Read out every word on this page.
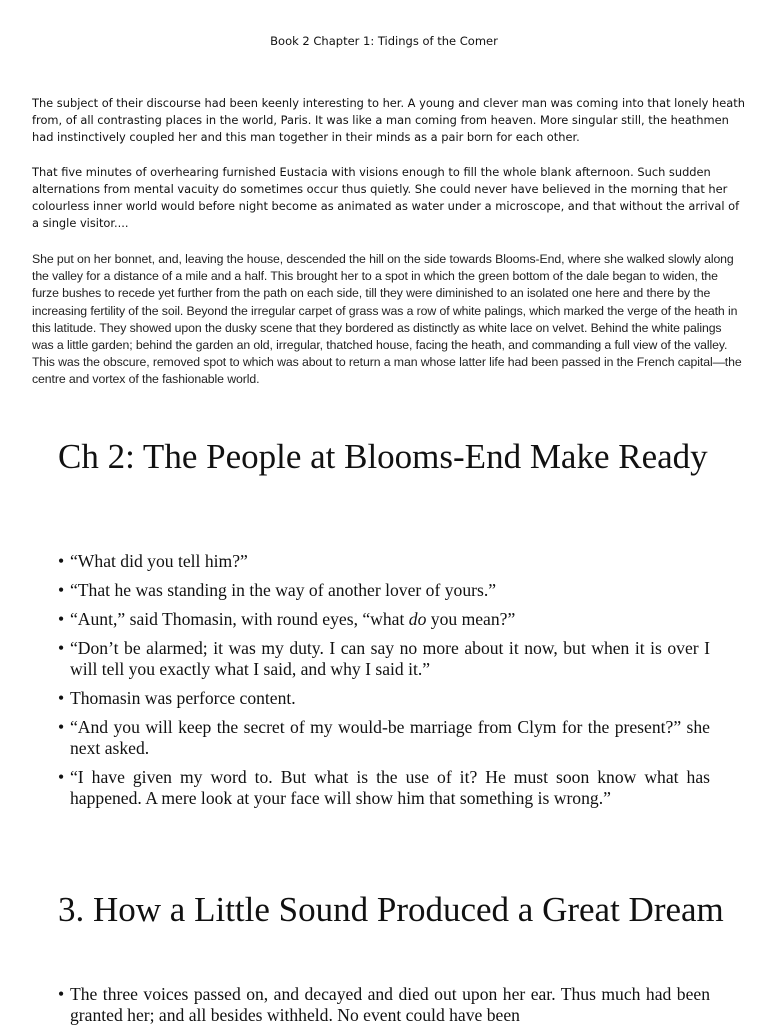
Book 2 Chapter 1: Tidings of the Comer

The subject of their discourse had been keenly interesting to her. A young and clever man was coming into that lonely heath from, of all contrasting places in the world, Paris. It was like a man coming from heaven. More singular still, the heathmen had instinctively coupled her and this man together in their minds as a pair born for each other.

That five minutes of overhearing furnished Eustacia with visions enough to fill the whole blank afternoon. Such sudden alternations from mental vacuity do sometimes occur thus quietly. She could never have believed in the morning that her colourless inner world would before night become as animated as water under a microscope, and that without the arrival of a single visitor....

She put on her bonnet, and, leaving the house, descended the hill on the side towards Blooms-End, where she walked slowly along the valley for a distance of a mile and a half. This brought her to a spot in which the green bottom of the dale began to widen, the furze bushes to recede yet further from the path on each side, till they were diminished to an isolated one here and there by the increasing fertility of the soil. Beyond the irregular carpet of grass was a row of white palings, which marked the verge of the heath in this latitude. They showed upon the dusky scene that they bordered as distinctly as white lace on velvet. Behind the white palings was a little garden; behind the garden an old, irregular, thatched house, facing the heath, and commanding a full view of the valley. This was the obscure, removed spot to which was about to return a man whose latter life had been passed in the French capital—the centre and vortex of the fashionable world.

Ch 2: The People at Blooms-End Make Ready
• “What did you tell him?”
• “That he was standing in the way of another lover of yours.”
• “Aunt,” said Thomasin, with round eyes, “what do you mean?”
• “Don’t be alarmed; it was my duty. I can say no more about it now, but when it is over I will tell you exactly what I said, and why I said it.”
• Thomasin was perforce content.
• “And you will keep the secret of my would-be marriage from Clym for the present?” she next asked.
• “I have given my word to. But what is the use of it? He must soon know what has happened. A mere look at your face will show him that something is wrong.”
3. How a Little Sound Produced a Great Dream
• The three voices passed on, and decayed and died out upon her ear. Thus much had been granted her; and all besides withheld. No event could have been
